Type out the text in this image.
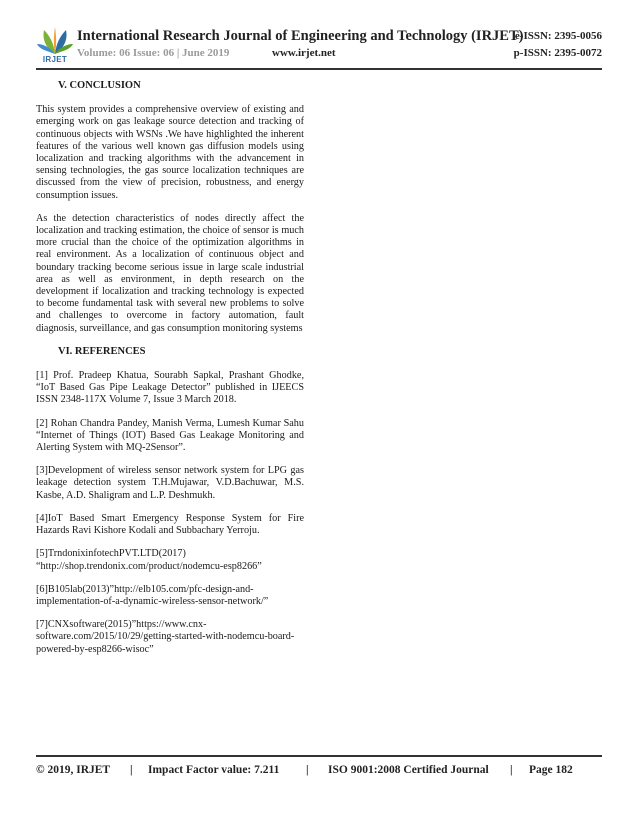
IRJET
International Research Journal of Engineering and Technology (IRJET)
e-ISSN: 2395-0056
Volume: 06 Issue: 06 | June 2019	www.irjet.net	p-ISSN: 2395-0072
V. CONCLUSION

This system provides a comprehensive overview of existing and emerging work on gas leakage source detection and tracking of continuous objects with WSNs .We have highlighted the inherent features of the various well known gas diffusion models using localization and tracking algorithms with the advancement in sensing technologies, the gas source localization techniques are discussed from the view of precision, robustness, and energy consumption issues.

As the detection characteristics of nodes directly affect the localization and tracking estimation, the choice of sensor is much more crucial than the choice of the optimization algorithms in real environment. As a localization of continuous object and boundary tracking become serious issue in large scale industrial area as well as environment, in depth research on the development if localization and tracking technology is expected to become fundamental task with several new problems to solve and challenges to overcome in factory automation, fault diagnosis, surveillance, and gas consumption monitoring systems

VI. REFERENCES

[1] Prof. Pradeep Khatua, Sourabh Sapkal, Prashant Ghodke, “IoT Based Gas Pipe Leakage Detector” published in IJEECS ISSN 2348-117X Volume 7, Issue 3 March 2018.

[2] Rohan Chandra Pandey, Manish Verma, Lumesh Kumar Sahu “Internet of Things (IOT) Based Gas Leakage Monitoring and Alerting System with MQ-2Sensor”.

[3]Development of wireless sensor network system for LPG gas leakage detection system T.H.Mujawar, V.D.Bachuwar, M.S. Kasbe, A.D. Shaligram and L.P. Deshmukh.

[4]IoT Based Smart Emergency Response System for Fire Hazards Ravi Kishore Kodali and Subbachary Yerroju.

[5]TrndonixinfotechPVT.LTD(2017) “http://shop.trendonix.com/product/nodemcu-esp8266”

[6]B105lab(2013)”http://elb105.com/pfc-design-and-implementation-of-a-dynamic-wireless-sensor-network/”

[7]CNXsoftware(2015)”https://www.cnx-software.com/2015/10/29/getting-started-with-nodemcu-board-powered-by-esp8266-wisoc”

© 2019, IRJET | Impact Factor value: 7.211 | ISO 9001:2008 Certified Journal | Page 182
